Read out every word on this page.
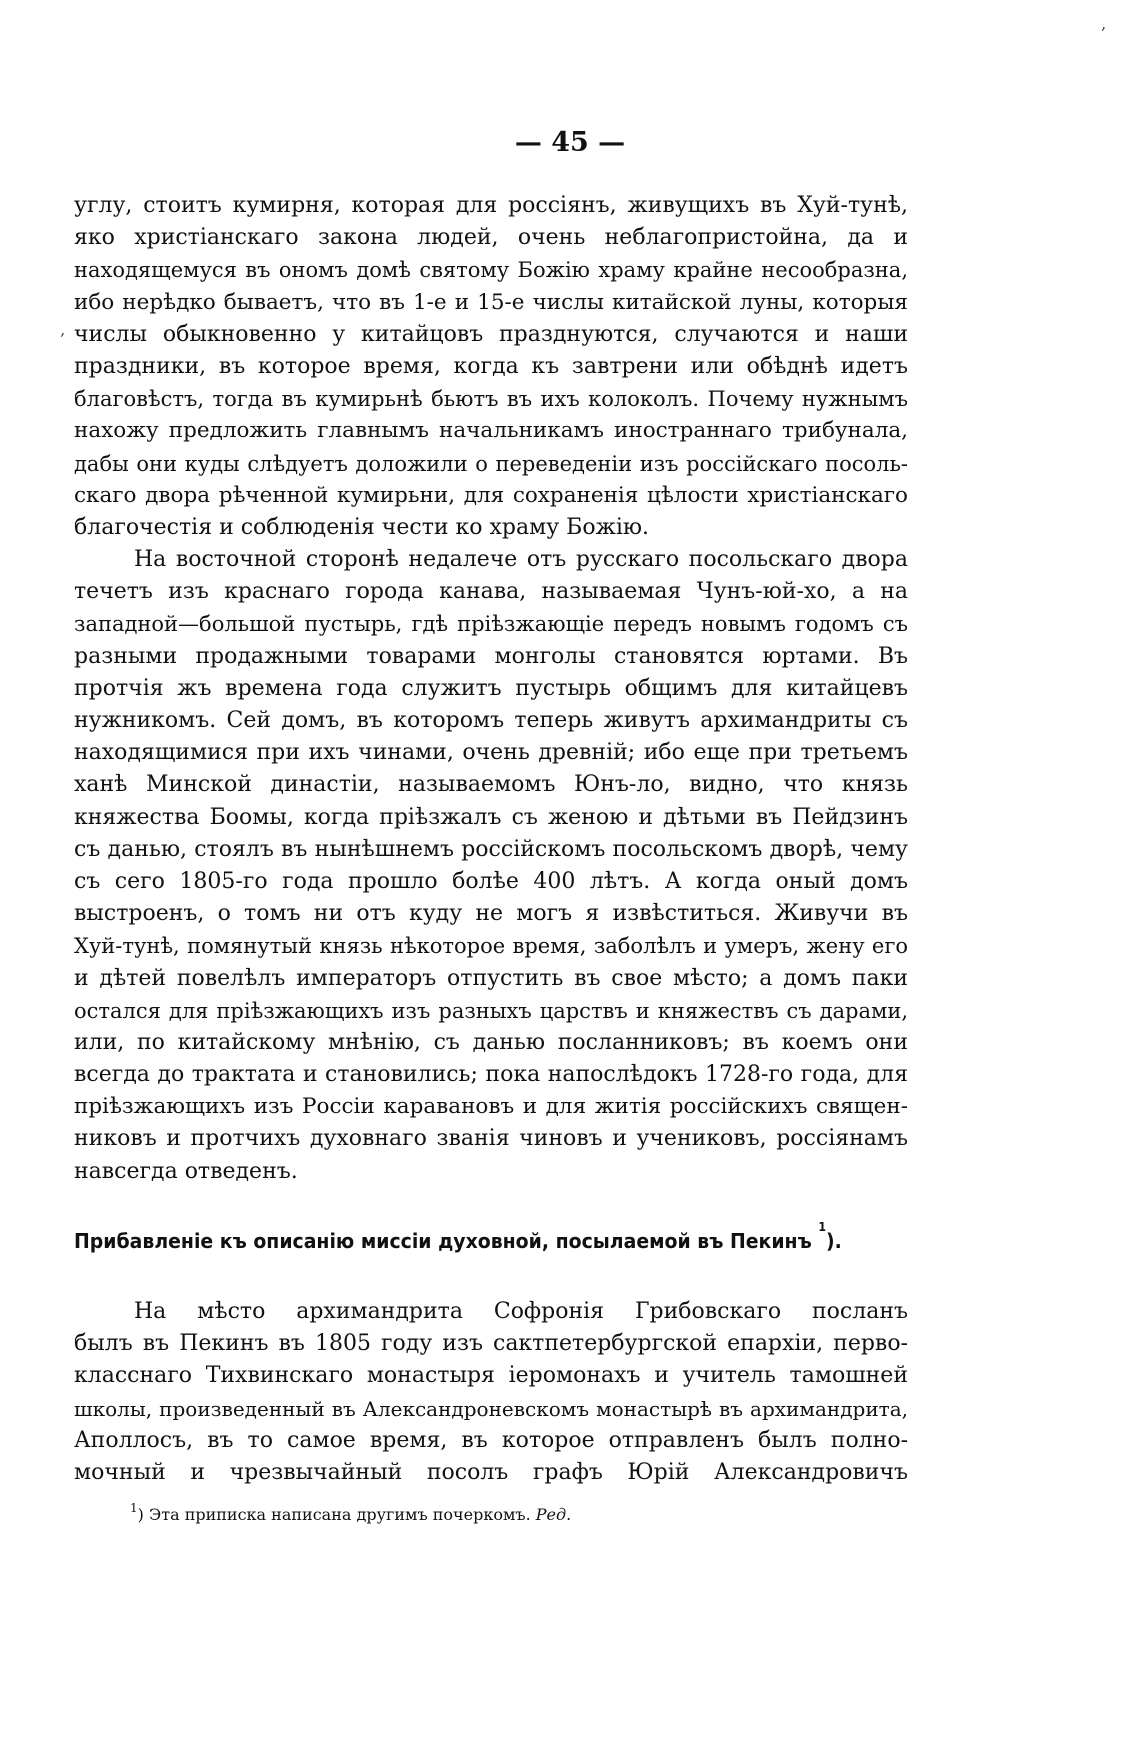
‚
‚
— 45 —
углу, стоитъ кумирня, которая для россіянъ, живущихъ въ Хуй-тунѣ,
яко христіанскаго закона людей, очень неблагопристойна, да и
находящемуся въ ономъ домѣ святому Божію храму крайне несообразна,
ибо нерѣдко бываетъ, что въ 1-е и 15-е числы китайской луны, которыя
числы обыкновенно у китайцовъ празднуются, случаются и наши
праздники, въ которое время, когда къ завтрени или обѣднѣ идетъ
благовѣстъ, тогда въ кумирьнѣ бьютъ въ ихъ колоколъ. Почему нужнымъ
нахожу предложить главнымъ начальникамъ иностраннаго трибунала,
дабы они куды слѣдуетъ доложили о переведеніи изъ россійскаго посоль-
скаго двора рѣченной кумирьни, для сохраненія цѣлости христіанскаго
благочестія и соблюденія чести ко храму Божію.
На восточной сторонѣ недалече отъ русскаго посольскаго двора
течетъ изъ краснаго города канава, называемая Чунъ-юй-хо, а на
западной—большой пустырь, гдѣ пріѣзжающіе передъ новымъ годомъ съ
разными продажными товарами монголы становятся юртами. Въ
протчія жъ времена года служитъ пустырь общимъ для китайцевъ
нужникомъ. Сей домъ, въ которомъ теперь живутъ архимандриты съ
находящимися при ихъ чинами, очень древній; ибо еще при третьемъ
ханѣ Минской династіи, называемомъ Юнъ-ло, видно, что князь
княжества Боомы, когда пріѣзжалъ съ женою и дѣтьми въ Пейдзинъ
съ данью, стоялъ въ нынѣшнемъ россійскомъ посольскомъ дворѣ, чему
съ сего 1805-го года прошло болѣе 400 лѣтъ. А когда оный домъ
выстроенъ, о томъ ни отъ куду не могъ я извѣститься. Живучи въ
Хуй-тунѣ, помянутый князь нѣкоторое время, заболѣлъ и умеръ, жену его
и дѣтей повелѣлъ императоръ отпустить въ свое мѣсто; а домъ паки
остался для пріѣзжающихъ изъ разныхъ царствъ и княжествъ съ дарами,
или, по китайскому мнѣнію, съ данью посланниковъ; въ коемъ они
всегда до трактата и становились; пока напослѣдокъ 1728-го года, для
пріѣзжающихъ изъ Россіи каравановъ и для житія россійскихъ священ-
никовъ и протчихъ духовнаго званія чиновъ и учениковъ, россіянамъ
навсегда отведенъ.
Прибавленіе къ описанію миссіи духовной, посылаемой въ Пекинъ $^1$).
На мѣсто архимандрита Софронія Грибовскаго посланъ
былъ въ Пекинъ въ 1805 году изъ сактпетербургской епархіи, перво-
класснаго Тихвинскаго монастыря іеромонахъ и учитель тамошней
школы, произведенный въ Александроневскомъ монастырѣ въ архимандрита,
Аполлосъ, въ то самое время, въ которое отправленъ былъ полно-
мочный и чрезвычайный посолъ графъ Юрій Александровичъ
$^1$) Эта приписка написана другимъ почеркомъ. Ред.
